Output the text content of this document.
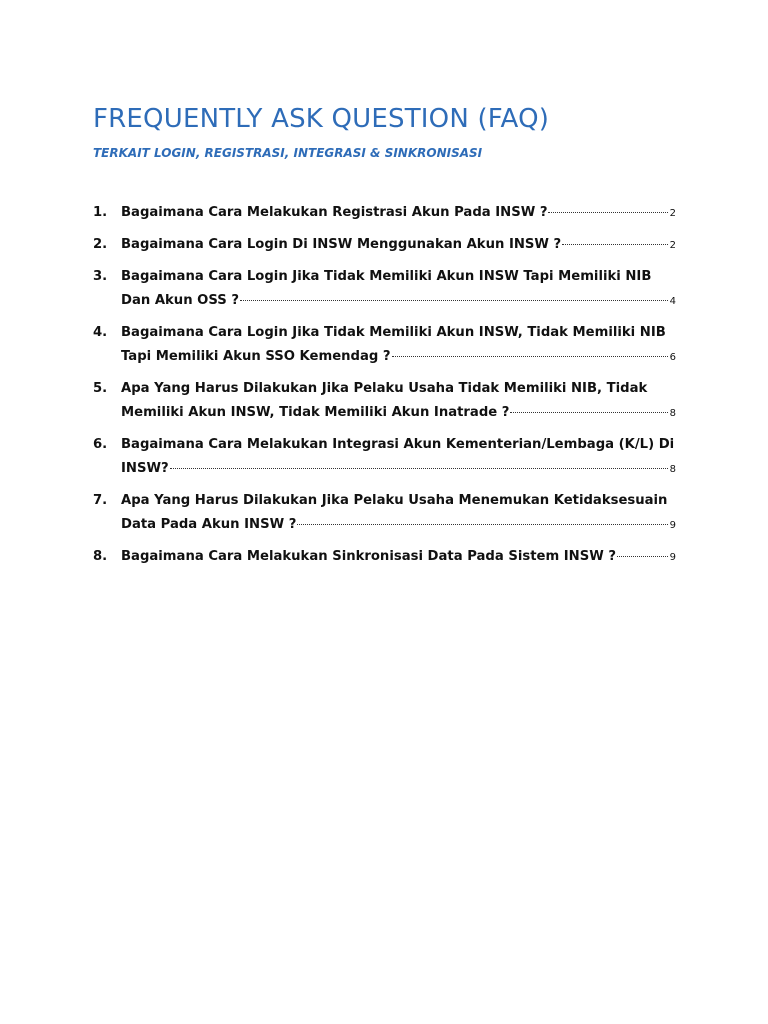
FREQUENTLY ASK QUESTION (FAQ)
TERKAIT LOGIN, REGISTRASI, INTEGRASI & SINKRONISASI
1.	Bagaimana Cara Melakukan Registrasi Akun Pada INSW ?	2
2.	Bagaimana Cara Login Di INSW Menggunakan Akun INSW ?	2
3.	Bagaimana Cara Login Jika Tidak Memiliki Akun INSW Tapi Memiliki NIB
Dan Akun OSS ?	4
4.	Bagaimana Cara Login Jika Tidak Memiliki Akun INSW, Tidak Memiliki NIB
Tapi Memiliki Akun SSO Kemendag ?	6
5.	Apa Yang Harus Dilakukan Jika Pelaku Usaha Tidak Memiliki NIB, Tidak
Memiliki Akun INSW, Tidak Memiliki Akun Inatrade ?	8
6.	Bagaimana Cara Melakukan Integrasi Akun Kementerian/Lembaga (K/L) Di
INSW?	8
7.	Apa Yang Harus Dilakukan Jika Pelaku Usaha Menemukan Ketidaksesuain
Data Pada Akun INSW ?	9
8.	Bagaimana Cara Melakukan Sinkronisasi Data Pada Sistem INSW ?	9
